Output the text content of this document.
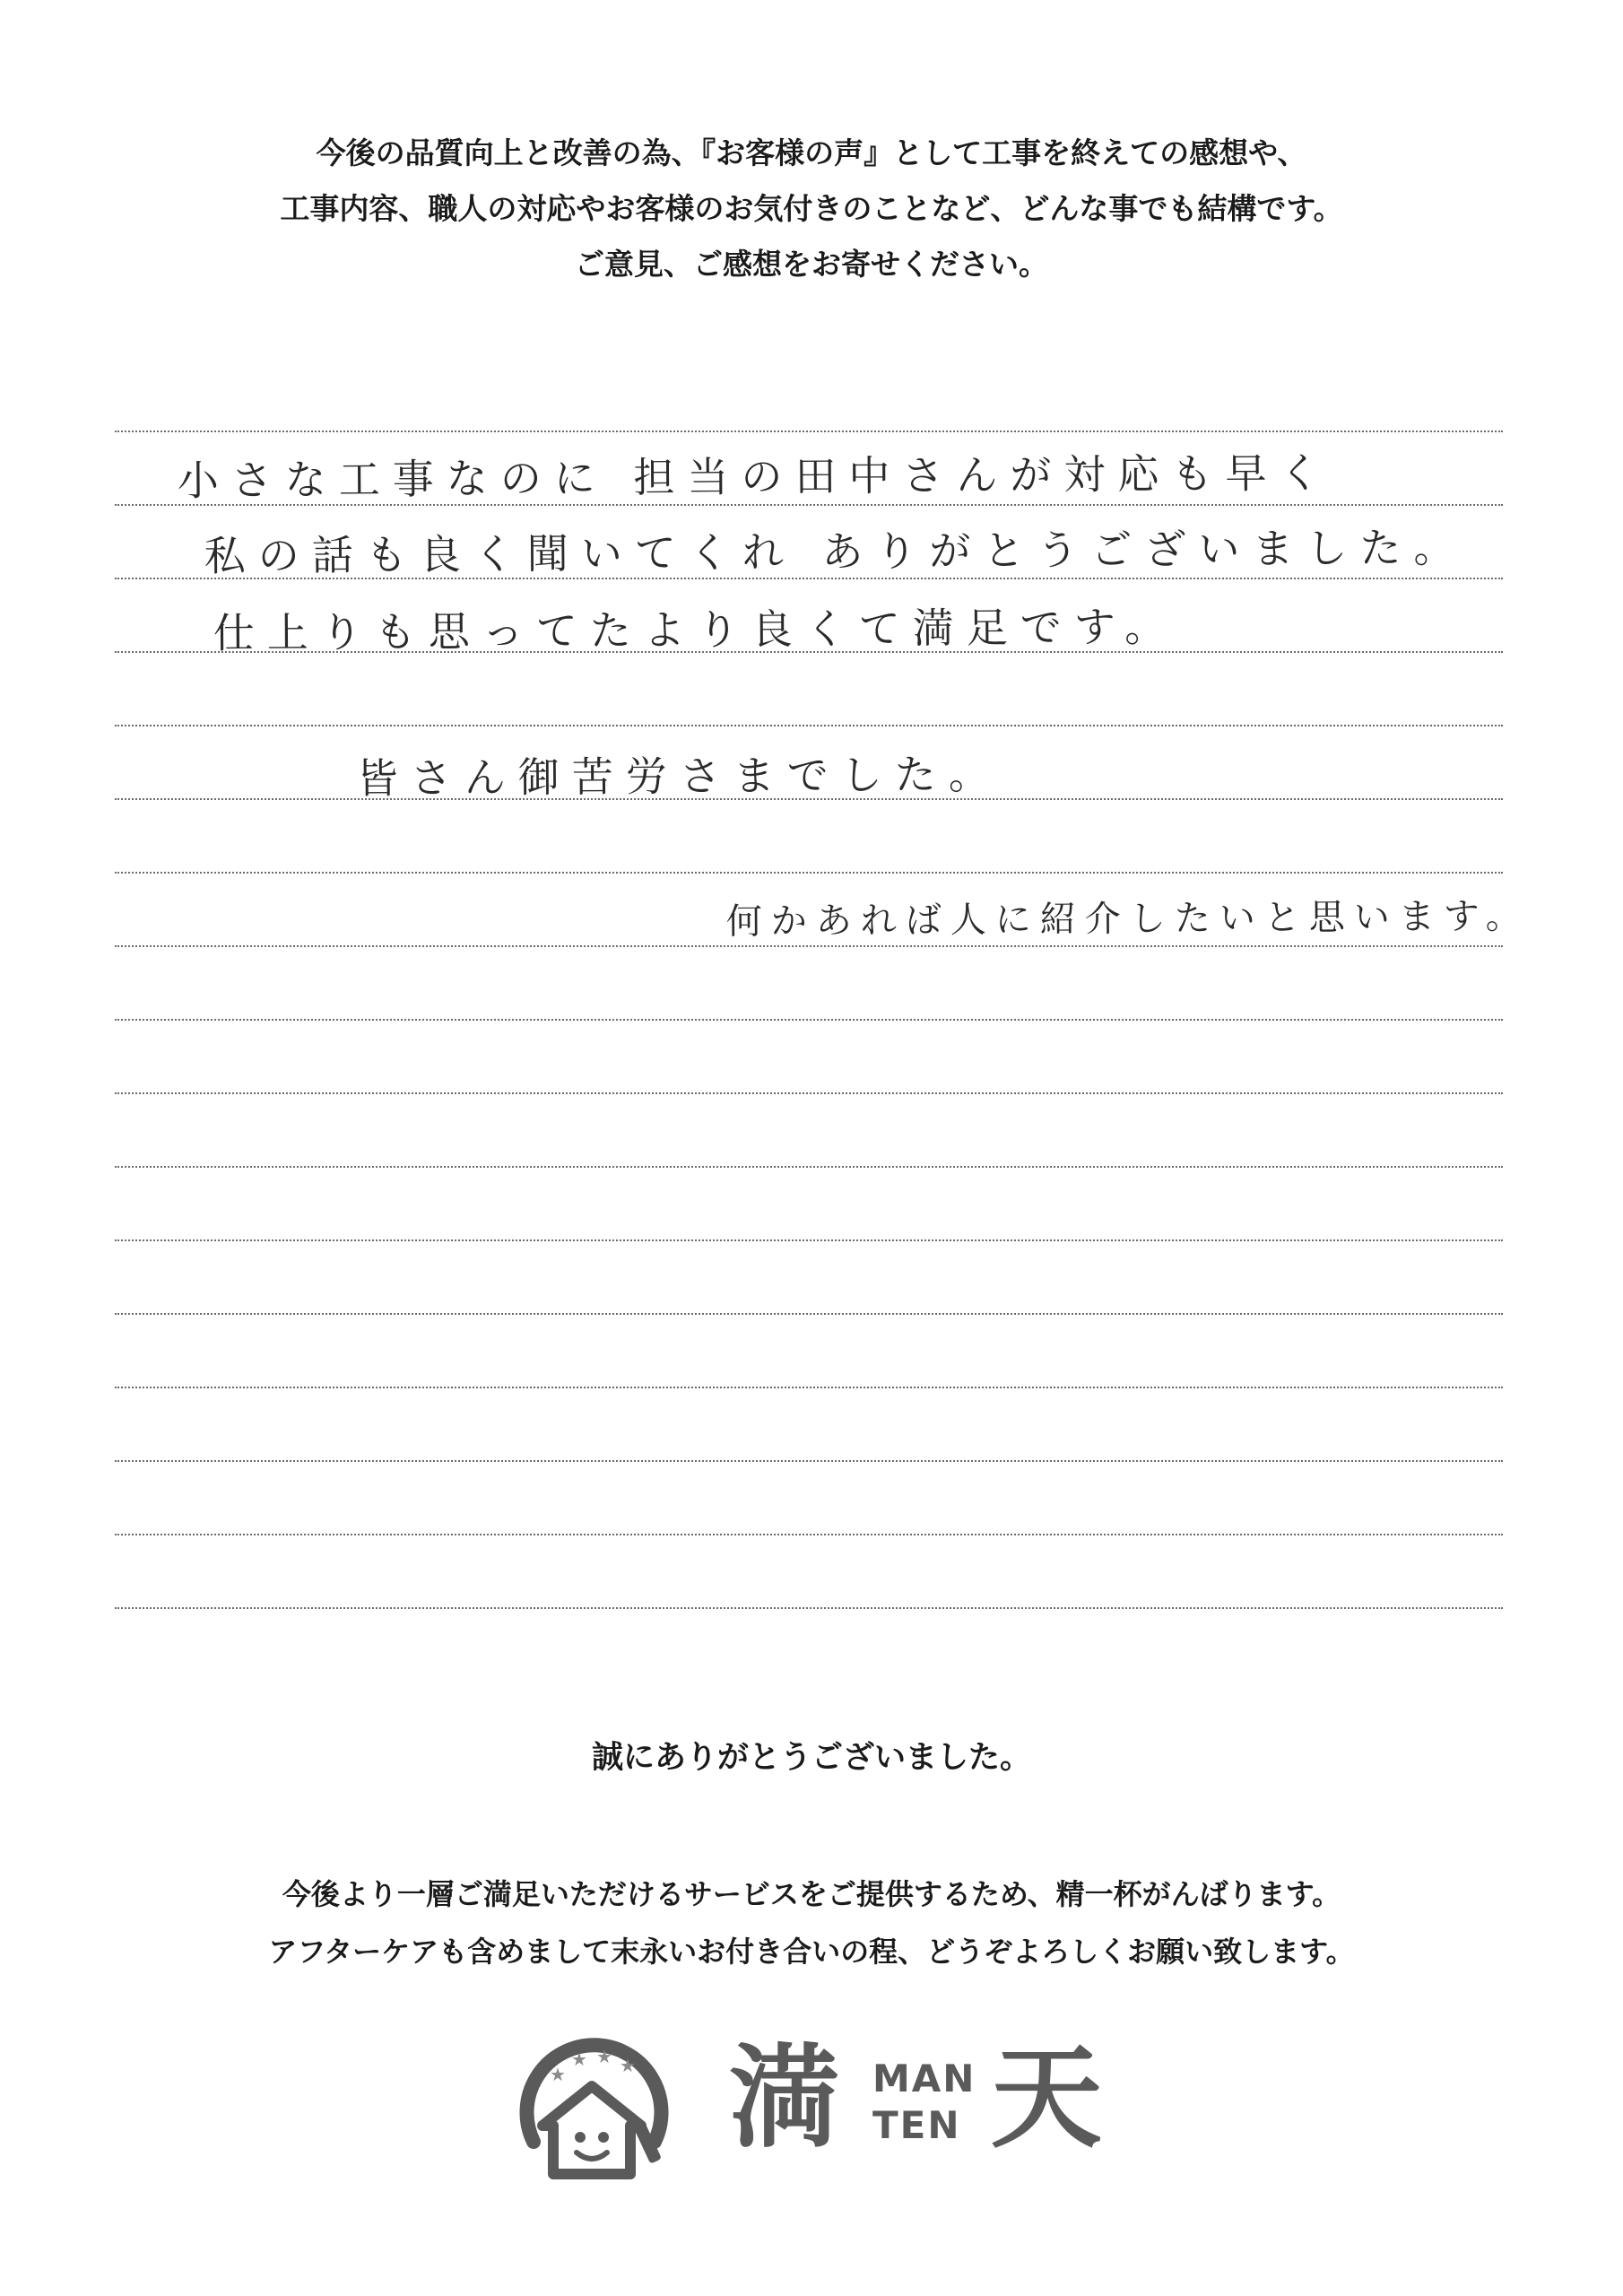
今後の品質向上と改善の為、『お客様の声』として工事を終えての感想や、
工事内容、職人の対応やお客様のお気付きのことなど、どんな事でも結構です。
ご意見、ご感想をお寄せください。
小さな工事なのに 担当の田中さんが対応も早く
私の話も良く聞いてくれ ありがとうございました。
仕上りも思ってたより良くて満足です。
皆さん御苦労さまでした。
何かあれば人に紹介したいと思います。
誠にありがとうございました。
今後より一層ご満足いただけるサービスをご提供するため、精一杯がんばります。
アフターケアも含めまして末永いお付き合いの程、どうぞよろしくお願い致します。
★
★ ★ ★ 満 MAN
TEN 天
